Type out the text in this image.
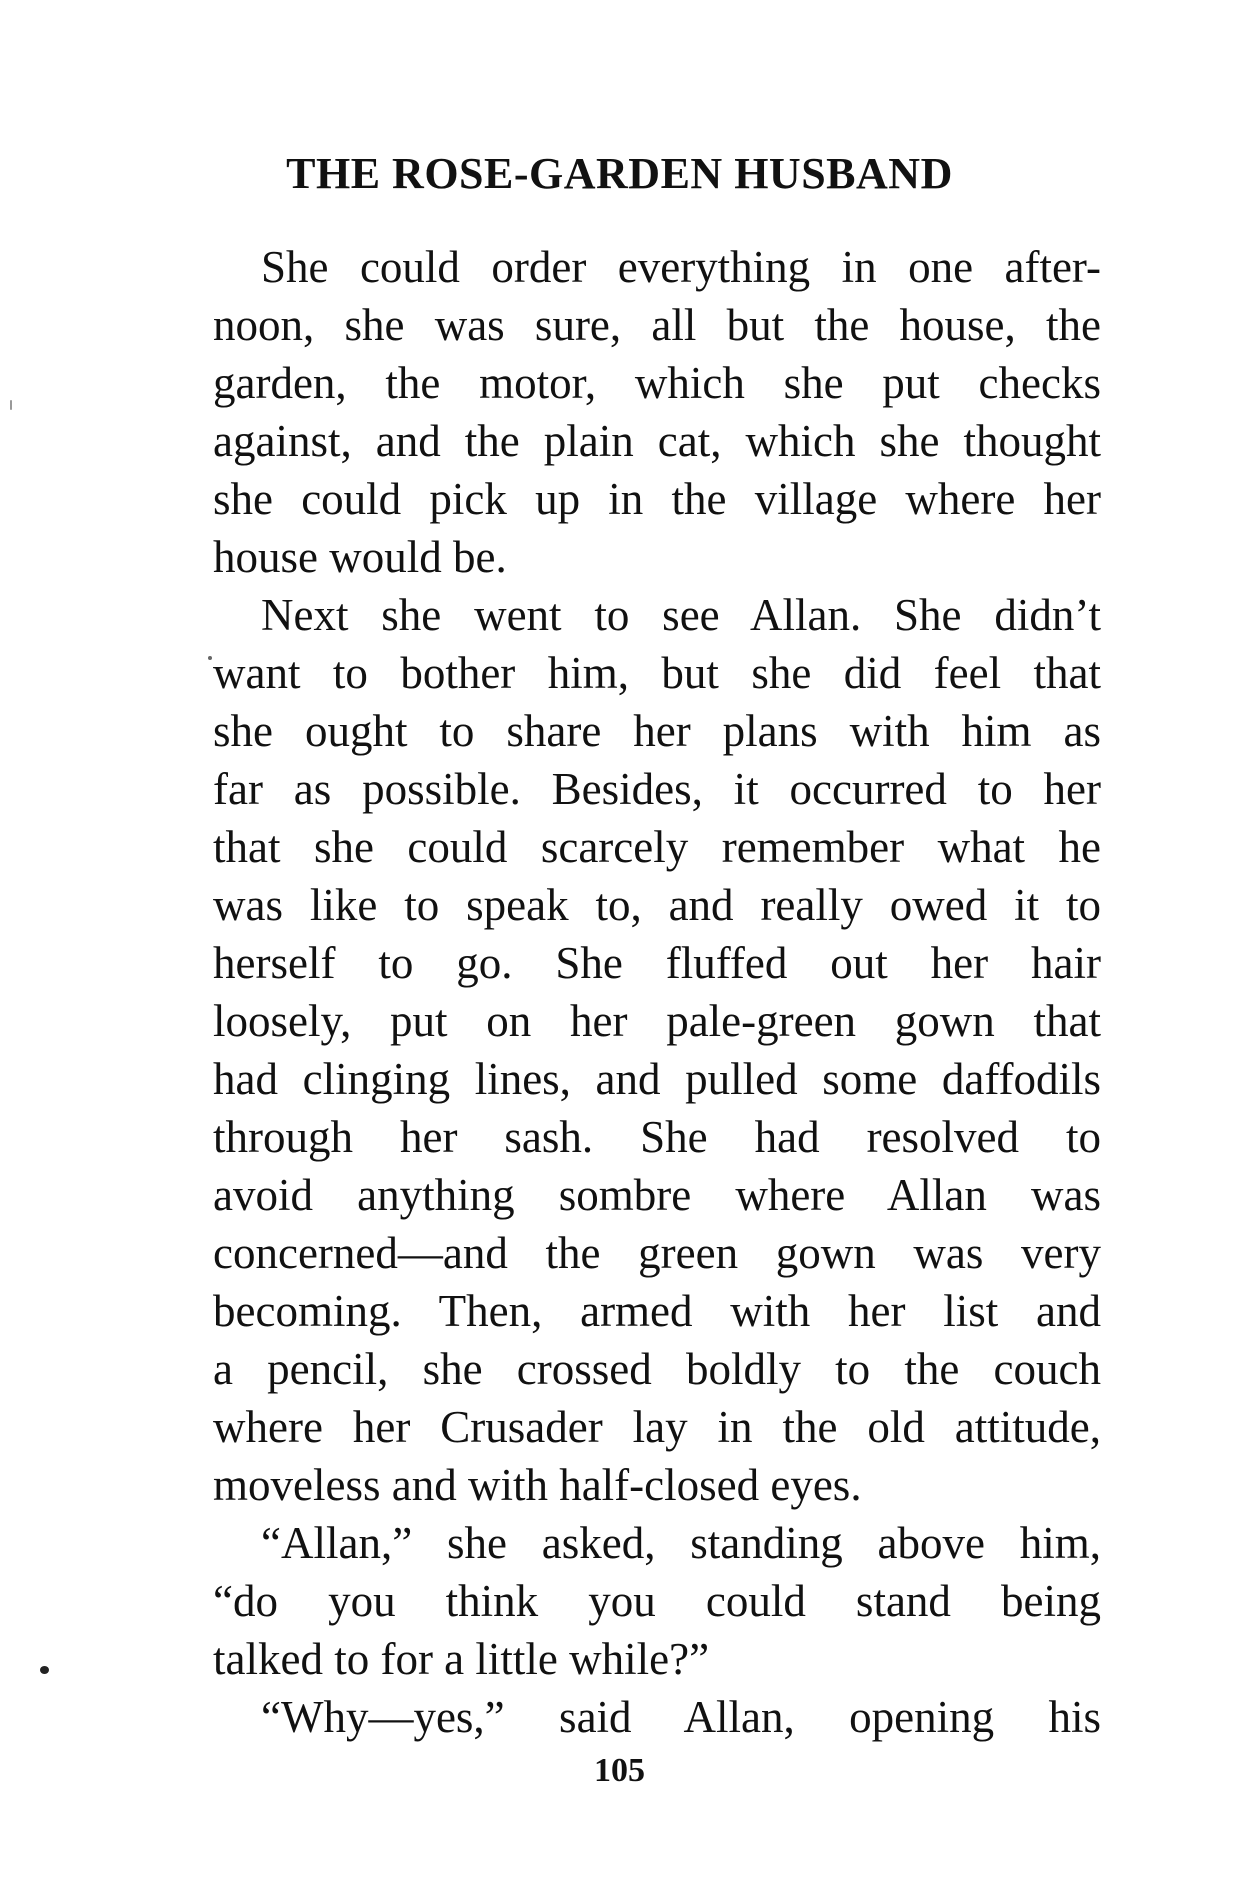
THE ROSE-GARDEN HUSBAND
She could order everything in one after-
noon, she was sure, all but the house, the
garden, the motor, which she put checks
against, and the plain cat, which she thought
she could pick up in the village where her
house would be.
Next she went to see Allan. She didn’t
want to bother him, but she did feel that
she ought to share her plans with him as
far as possible. Besides, it occurred to her
that she could scarcely remember what he
was like to speak to, and really owed it to
herself to go. She fluffed out her hair
loosely, put on her pale-green gown that
had clinging lines, and pulled some daffodils
through her sash. She had resolved to
avoid anything sombre where Allan was
concerned—and the green gown was very
becoming. Then, armed with her list and
a pencil, she crossed boldly to the couch
where her Crusader lay in the old attitude,
moveless and with half-closed eyes.
“Allan,” she asked, standing above him,
“do you think you could stand being
talked to for a little while?”
“Why—yes,” said Allan, opening his
105
